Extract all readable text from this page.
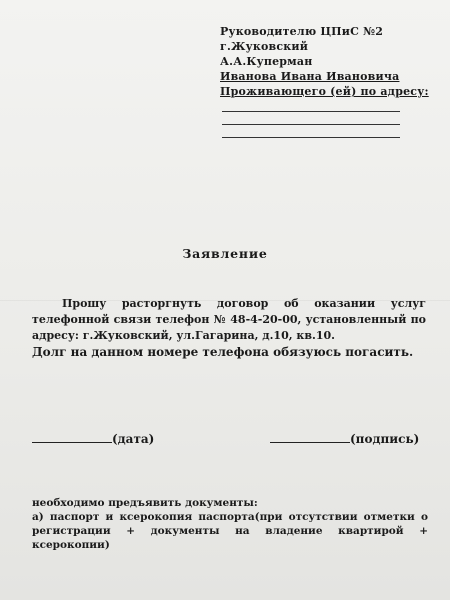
Руководителю ЦПиС №2
г.Жуковский
А.А.Куперман
Иванова Ивана Ивановича
Проживающего (ей) по адресу:
Заявление
Прошу расторгнуть договор об оказании услуг телефонной связи телефон № 48-4-20-00, установленный по адресу: г.Жуковский, ул.Гагарина, д.10, кв.10.
Долг на данном номере телефона обязуюсь погасить.
(дата)	(подпись)
необходимо предъявить документы:
а) паспорт и ксерокопия паспорта(при отсутствии отметки о регистрации + документы на владение квартирой + ксерокопии)
